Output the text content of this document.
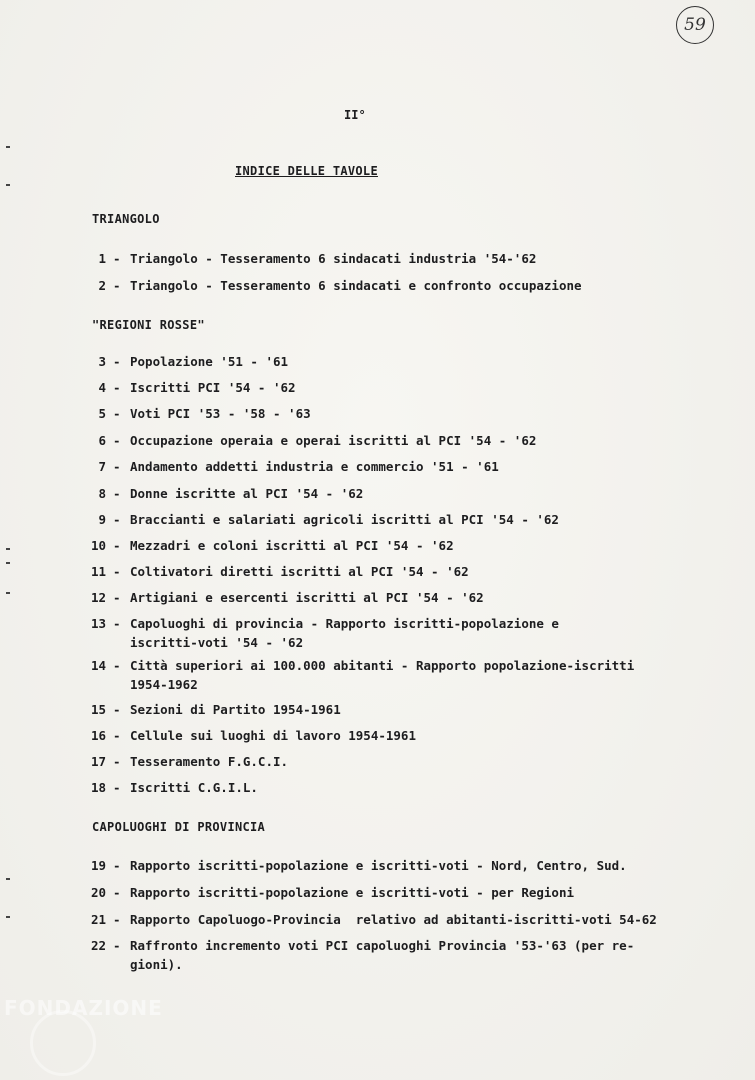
59
II°
INDICE DELLE TAVOLE
TRIANGOLO
"REGIONI ROSSE"
CAPOLUOGHI DI PROVINCIA
1 - Triangolo - Tesseramento 6 sindacati industria '54-'62
2 - Triangolo - Tesseramento 6 sindacati e confronto occupazione
3 - Popolazione '51 - '61
4 - Iscritti PCI '54 - '62
5 - Voti PCI '53 - '58 - '63
6 - Occupazione operaia e operai iscritti al PCI '54 - '62
7 - Andamento addetti industria e commercio '51 - '61
8 - Donne iscritte al PCI '54 - '62
9 - Braccianti e salariati agricoli iscritti al PCI '54 - '62
10 - Mezzadri e coloni iscritti al PCI '54 - '62
11 - Coltivatori diretti iscritti al PCI '54 - '62
12 - Artigiani e esercenti iscritti al PCI '54 - '62
13 - Capoluoghi di provincia - Rapporto iscritti-popolazione e
iscritti-voti '54 - '62
14 - Città superiori ai 100.000 abitanti - Rapporto popolazione-iscritti
1954-1962
15 - Sezioni di Partito 1954-1961
16 - Cellule sui luoghi di lavoro 1954-1961
17 - Tesseramento F.G.C.I.
18 - Iscritti C.G.I.L.
19 - Rapporto iscritti-popolazione e iscritti-voti - Nord, Centro, Sud.
20 - Rapporto iscritti-popolazione e iscritti-voti - per Regioni
21 - Rapporto Capoluogo-Provincia  relativo ad abitanti-iscritti-voti 54-62
22 - Raffronto incremento voti PCI capoluoghi Provincia '53-'63 (per re-
gioni).
FONDAZIONE
